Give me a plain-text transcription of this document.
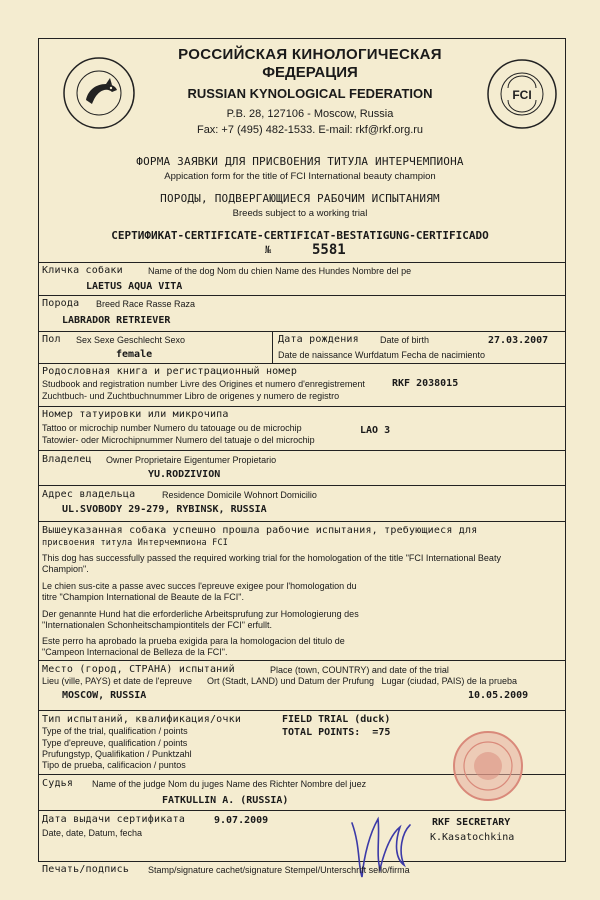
FCI
РОССИЙСКАЯ КИНОЛОГИЧЕСКАЯ
ФЕДЕРАЦИЯ
RUSSIAN KYNOLOGICAL FEDERATION
P.B. 28, 127106 - Moscow, Russia
Fax: +7 (495) 482-1533. E-mail: rkf@rkf.org.ru
ФОРМА ЗАЯВКИ ДЛЯ ПРИСВОЕНИЯ ТИТУЛА ИНТЕРЧЕМПИОНА
Appication form for the title of FCI International beauty champion
ПОРОДЫ, ПОДВЕРГАЮЩИЕСЯ РАБОЧИМ ИСПЫТАНИЯМ
Breeds subject to a working trial
СЕРТИФИКАТ-CERTIFICATE-CERTIFICAT-BESTATIGUNG-CERTIFICADO
№	5581
Кличка собаки	Name of the dog Nom du chien Name des Hundes Nombre del pe
LAETUS AQUA VITA
Порода Breed Race Rasse Raza
LABRADOR RETRIEVER
Пол Sex Sexe Geschlecht Sexo
female
Дата рождения Date of birth	27.03.2007
Date de naissance Wurfdatum Fecha de nacimiento
Родословная книга и регистрационный номер
Studbook and registration number Livre des Origines et numero d'enregistrement	RKF 2038015
Zuchtbuch- und Zuchtbuchnummer Libro de origenes y numero de registro
Номер татуировки или микрочипа
Tattoo or microchip number Numero du tatouage ou de microchip	LAO 3
Tatowier- oder Microchipnummer Numero del tatuaje o del microchip
Владелец Owner Proprietaire Eigentumer Propietario
YU.RODZIVION
Адрес владельца	Residence Domicile Wohnort Domicilio
UL.SVOBODY 29-279, RYBINSK, RUSSIA
Вышеуказанная собака успешно прошла рабочие испытания, требующиеся для
присвоения титула Интерчемпиона FCI
This dog has successfully passed the required working trial for the homologation of the title "FCI International Beaty Champion".
Le chien sus-cite a passe avec succes l'epreuve exigee pour l'homologation du titre "Champion International de Beaute de la FCI".
Der genannte Hund hat die erforderliche Arbeitsprufung zur Homologierung des "Internationalen Schonheitschampiontitels der FCI" erfullt.
Este perro ha aprobado la prueba exigida para la homologacion del titulo de "Campeon Internacional de Belleza de la FCI".
Место (город, СТРАНА) испытаний	Place (town, COUNTRY) and date of the trial
Lieu (ville, PAYS) et date de l'epreuve      Ort (Stadt, LAND) und Datum der Prufung   Lugar (ciudad, PAIS) de la prueba
MOSCOW, RUSSIA	10.05.2009
Тип испытаний, квалификация/очки
Type of the trial, qualification / points
Type d'epreuve, qualification / points
Prufungstyp, Qualifikation / Punktzahl
Tipo de prueba, calificacion / puntos
FIELD TRIAL (duck)
TOTAL POINTS:  =75
Судья Name of the judge Nom du juges Name des Richter Nombre del juez
FATKULLIN A. (RUSSIA)
Дата выдачи сертификата
Date, date, Datum, fecha
9.07.2009	RKF SECRETARY
K.Kasatochkina
Печать/подпись Stamp/signature cachet/signature Stempel/Unterschrift sello/firma
